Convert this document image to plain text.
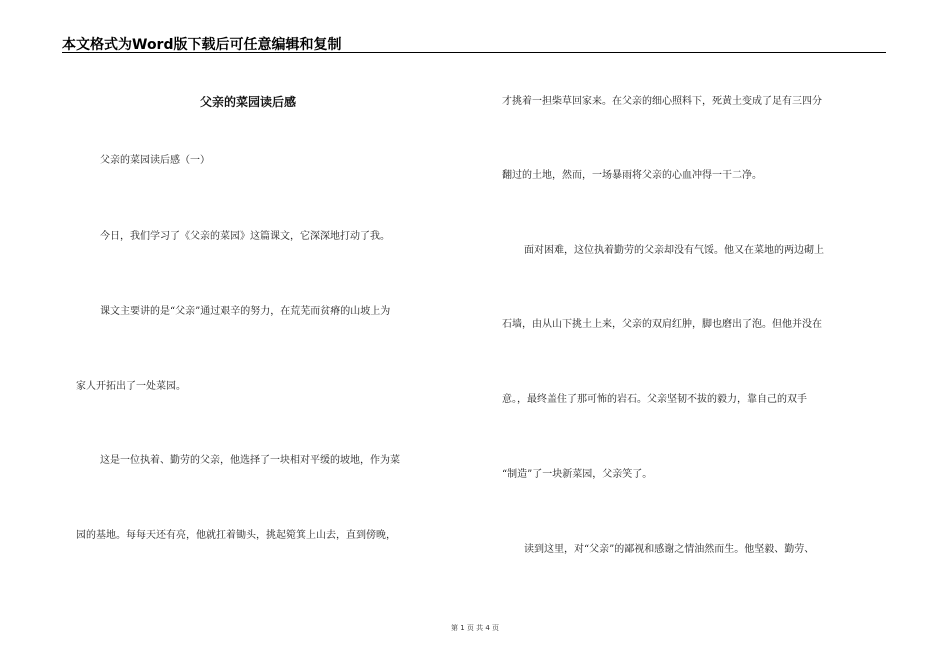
本文格式为Word版下载后可任意编辑和复制
父亲的菜园读后感
父亲的菜园读后感（一）
今日，我们学习了《父亲的菜园》这篇课文，它深深地打动了我。
课文主要讲的是“父亲”通过艰辛的努力，在荒芜而贫瘠的山坡上为
家人开拓出了一处菜园。
这是一位执着、勤劳的父亲，他选择了一块相对平缓的坡地，作为菜
园的基地。每每天还有亮，他就扛着锄头，挑起箢箕上山去，直到傍晚，
才挑着一担柴草回家来。在父亲的细心照料下，死黄土变成了足有三四分
翻过的土地，然而，一场暴雨将父亲的心血冲得一干二净。
面对困难，这位执着勤劳的父亲却没有气馁。他又在菜地的两边砌上
石墙，由从山下挑土上来，父亲的双肩红肿，脚也磨出了泡。但他并没在
意。，最终盖住了那可怖的岩石。父亲坚韧不拔的毅力，靠自己的双手
“制造”了一块新菜园，父亲笑了。
读到这里，对“父亲”的鄙视和感谢之情油然而生。他坚毅、勤劳、
第 1 页 共 4 页
